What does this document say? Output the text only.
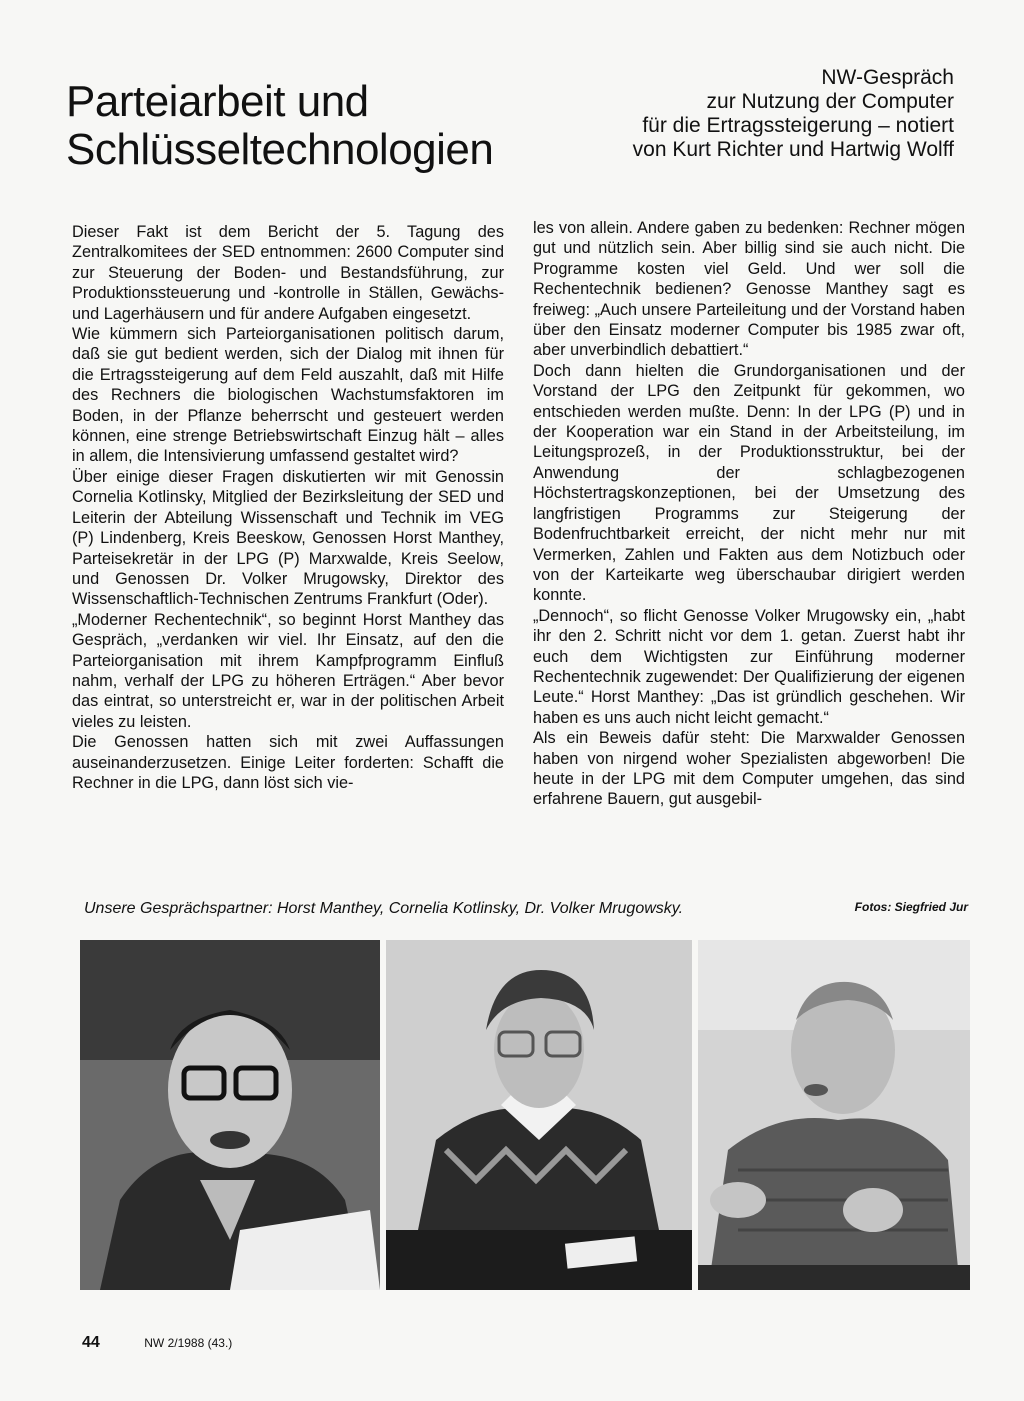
Parteiarbeit und
Schlüsseltechnologien
NW-Gespräch
zur Nutzung der Computer
für die Ertragssteigerung – notiert
von Kurt Richter und Hartwig Wolff

Dieser Fakt ist dem Bericht der 5. Tagung des Zentralkomitees der SED entnommen: 2600 Computer sind zur Steuerung der Boden- und Bestandsführung, zur Produktionssteuerung und -kontrolle in Ställen, Gewächs- und Lagerhäusern und für andere Aufgaben eingesetzt.

Wie kümmern sich Parteiorganisationen politisch darum, daß sie gut bedient werden, sich der Dialog mit ihnen für die Ertragssteigerung auf dem Feld auszahlt, daß mit Hilfe des Rechners die biologischen Wachstumsfaktoren im Boden, in der Pflanze beherrscht und gesteuert werden können, eine strenge Betriebswirtschaft Einzug hält – alles in allem, die Intensivierung umfassend gestaltet wird?

Über einige dieser Fragen diskutierten wir mit Genossin Cornelia Kotlinsky, Mitglied der Bezirksleitung der SED und Leiterin der Abteilung Wissenschaft und Technik im VEG (P) Lindenberg, Kreis Beeskow, Genossen Horst Manthey, Parteisekretär in der LPG (P) Marxwalde, Kreis Seelow, und Genossen Dr. Volker Mrugowsky, Direktor des Wissenschaftlich-Technischen Zentrums Frankfurt (Oder).

„Moderner Rechentechnik“, so beginnt Horst Manthey das Gespräch, „verdanken wir viel. Ihr Einsatz, auf den die Parteiorganisation mit ihrem Kampfprogramm Einfluß nahm, verhalf der LPG zu höheren Erträgen.“ Aber bevor das eintrat, so unterstreicht er, war in der politischen Arbeit vieles zu leisten.

Die Genossen hatten sich mit zwei Auffassungen auseinanderzusetzen. Einige Leiter forderten: Schafft die Rechner in die LPG, dann löst sich vie-

les von allein. Andere gaben zu bedenken: Rechner mögen gut und nützlich sein. Aber billig sind sie auch nicht. Die Programme kosten viel Geld. Und wer soll die Rechentechnik bedienen? Genosse Manthey sagt es freiweg: „Auch unsere Parteileitung und der Vorstand haben über den Einsatz moderner Computer bis 1985 zwar oft, aber unverbindlich debattiert.“

Doch dann hielten die Grundorganisationen und der Vorstand der LPG den Zeitpunkt für gekommen, wo entschieden werden mußte. Denn: In der LPG (P) und in der Kooperation war ein Stand in der Arbeitsteilung, im Leitungsprozeß, in der Produktionsstruktur, bei der Anwendung der schlagbezogenen Höchstertragskonzeptionen, bei der Umsetzung des langfristigen Programms zur Steigerung der Bodenfruchtbarkeit erreicht, der nicht mehr nur mit Vermerken, Zahlen und Fakten aus dem Notizbuch oder von der Karteikarte weg überschaubar dirigiert werden konnte.

„Dennoch“, so flicht Genosse Volker Mrugowsky ein, „habt ihr den 2. Schritt nicht vor dem 1. getan. Zuerst habt ihr euch dem Wichtigsten zur Einführung moderner Rechentechnik zugewendet: Der Qualifizierung der eigenen Leute.“ Horst Manthey: „Das ist gründlich geschehen. Wir haben es uns auch nicht leicht gemacht.“

Als ein Beweis dafür steht: Die Marxwalder Genossen haben von nirgend woher Spezialisten abgeworben! Die heute in der LPG mit dem Computer umgehen, das sind erfahrene Bauern, gut ausgebil-

Unsere Gesprächspartner: Horst Manthey, Cornelia Kotlinsky, Dr. Volker Mrugowsky.	Fotos: Siegfried Jur
44	NW 2/1988 (43.)
